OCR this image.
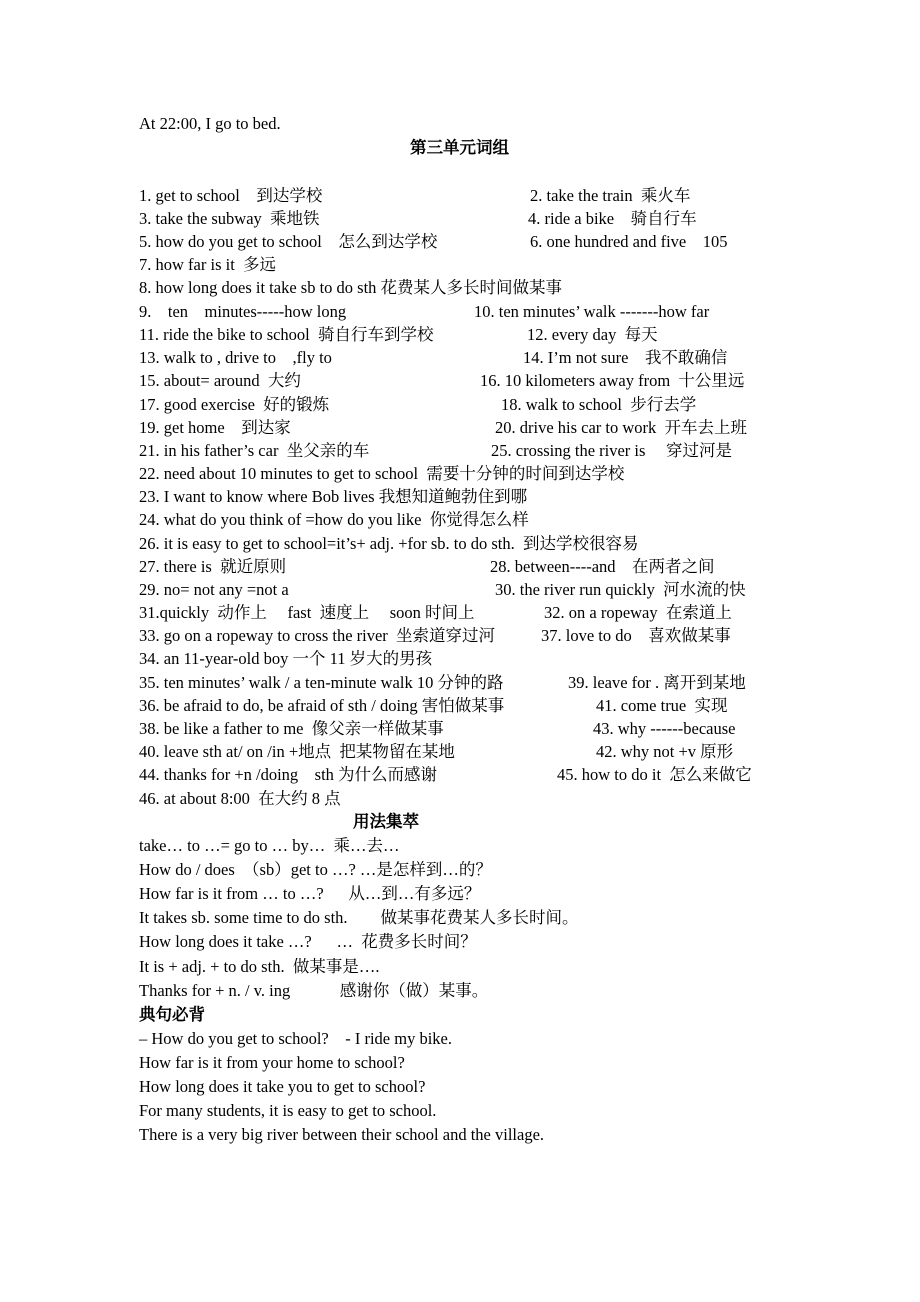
At 22:00, I go to bed.

第三单元词组

1. get to school    到达学校	2. take the train  乘火车

3. take the subway  乘地铁	4. ride a bike    骑自行车

5. how do you get to school    怎么到达学校	6. one hundred and five    105

7. how far is it  多远

8. how long does it take sb to do sth 花费某人多长时间做某事

9.    ten    minutes-----how long	10. ten minutes’ walk -------how far

11. ride the bike to school  骑自行车到学校	12. every day  每天

13. walk to , drive to    ,fly to	14. I’m not sure    我不敢确信

15. about= around  大约	16. 10 kilometers away from  十公里远

17. good exercise  好的锻炼	18. walk to school  步行去学

19. get home    到达家	20. drive his car to work  开车去上班

21. in his father’s car  坐父亲的车	25. crossing the river is     穿过河是

22. need about 10 minutes to get to school  需要十分钟的时间到达学校

23. I want to know where Bob lives 我想知道鲍勃住到哪

24. what do you think of =how do you like  你觉得怎么样

26. it is easy to get to school=it’s+ adj. +for sb. to do sth.  到达学校很容易

27. there is  就近原则	28. between----and    在两者之间

29. no= not any =not a	30. the river run quickly  河水流的快

31.quickly  动作上     fast  速度上     soon 时间上	32. on a ropeway  在索道上

33. go on a ropeway to cross the river  坐索道穿过河	37. love to do    喜欢做某事

34. an 11-year-old boy 一个 11 岁大的男孩

35. ten minutes’ walk / a ten-minute walk 10 分钟的路	39. leave for . 离开到某地

36. be afraid to do, be afraid of sth / doing 害怕做某事	41. come true  实现

38. be like a father to me  像父亲一样做某事	43. why ------because

40. leave sth at/ on /in +地点  把某物留在某地	42. why not +v 原形

44. thanks for +n /doing    sth 为什么而感谢	45. how to do it  怎么来做它

46. at about 8:00  在大约 8 点

用法集萃

take… to …= go to … by…  乘…去…

How do / does  （sb）get to …? …是怎样到…的？

How far is it from … to …?      从…到…有多远？

It takes sb. some time to do sth.        做某事花费某人多长时间。

How long does it take …?      …  花费多长时间？

It is + adj. + to do sth.  做某事是….

Thanks for + n. / v. ing            感谢你（做）某事。

典句必背

– How do you get to school?    - I ride my bike.

How far is it from your home to school?

How long does it take you to get to school?

For many students, it is easy to get to school.

There is a very big river between their school and the village.
